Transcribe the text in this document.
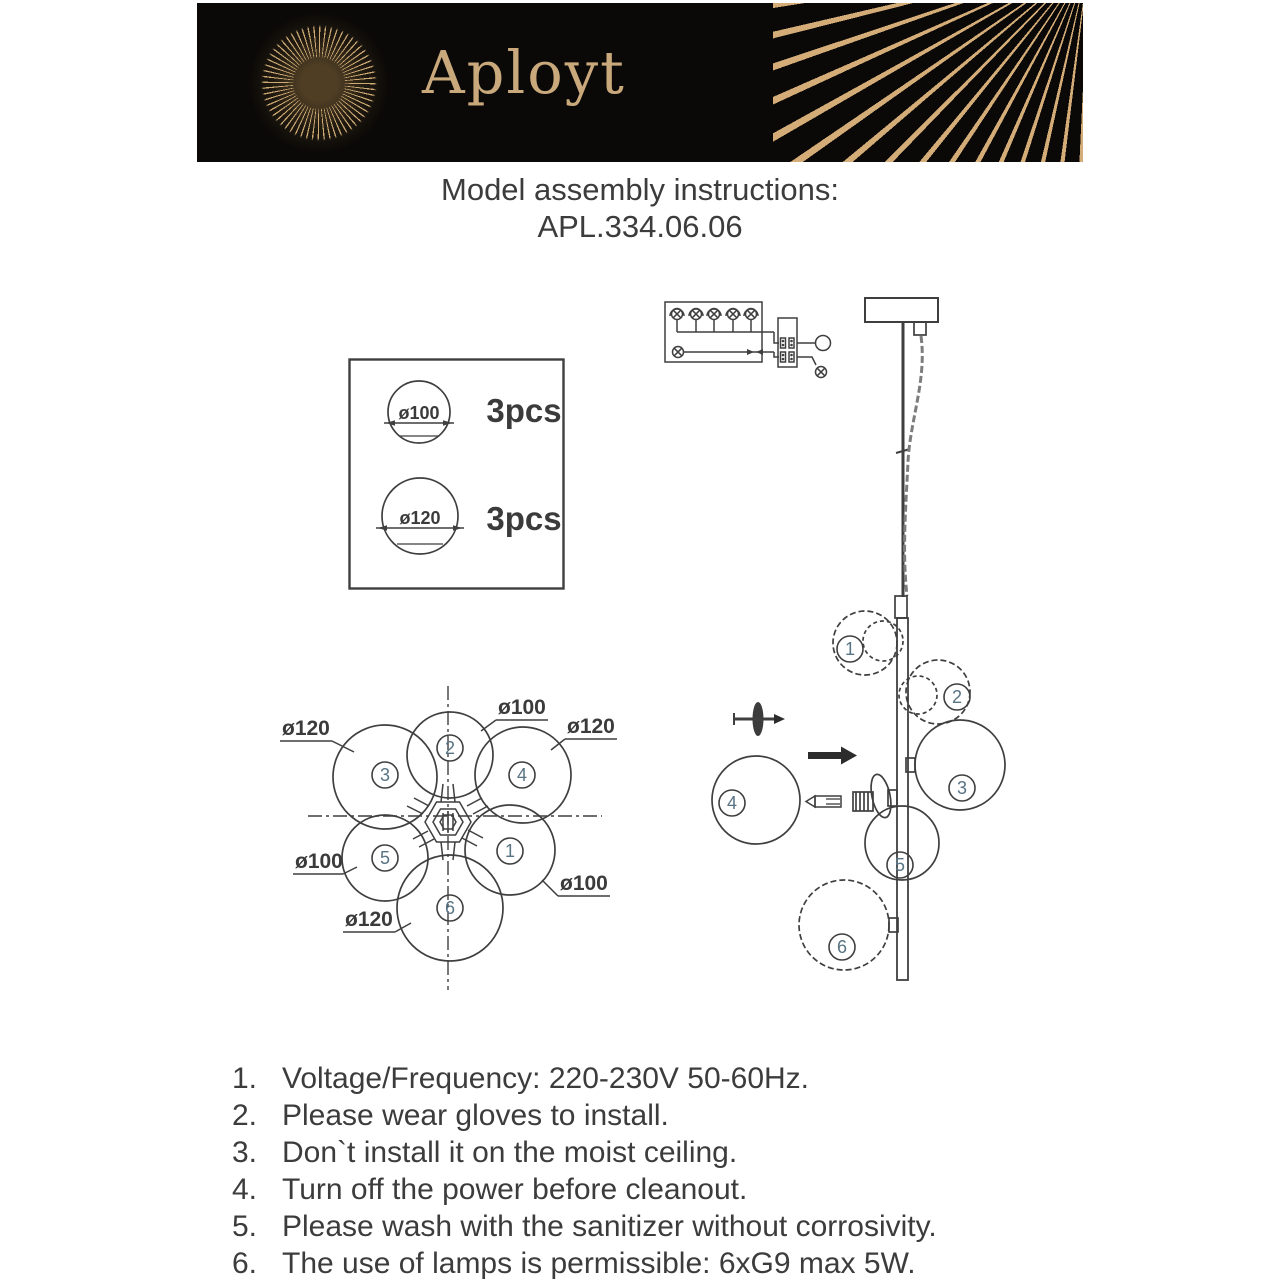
Aployt
Model assembly instructions:
APL.334.06.06
ø100 3pcs
ø120 3pcs
ø120
ø100
ø120
ø100
ø100
ø120
2
3	4
5	1
6
1
2
3
4
5
6
1. Voltage/Frequency: 220-230V 50-60Hz.
2. Please wear gloves to install.
3. Don`t install it on the moist ceiling.
4. Turn off the power before cleanout.
5. Please wash with the sanitizer without corrosivity.
6. The use of lamps is permissible: 6xG9 max 5W.
